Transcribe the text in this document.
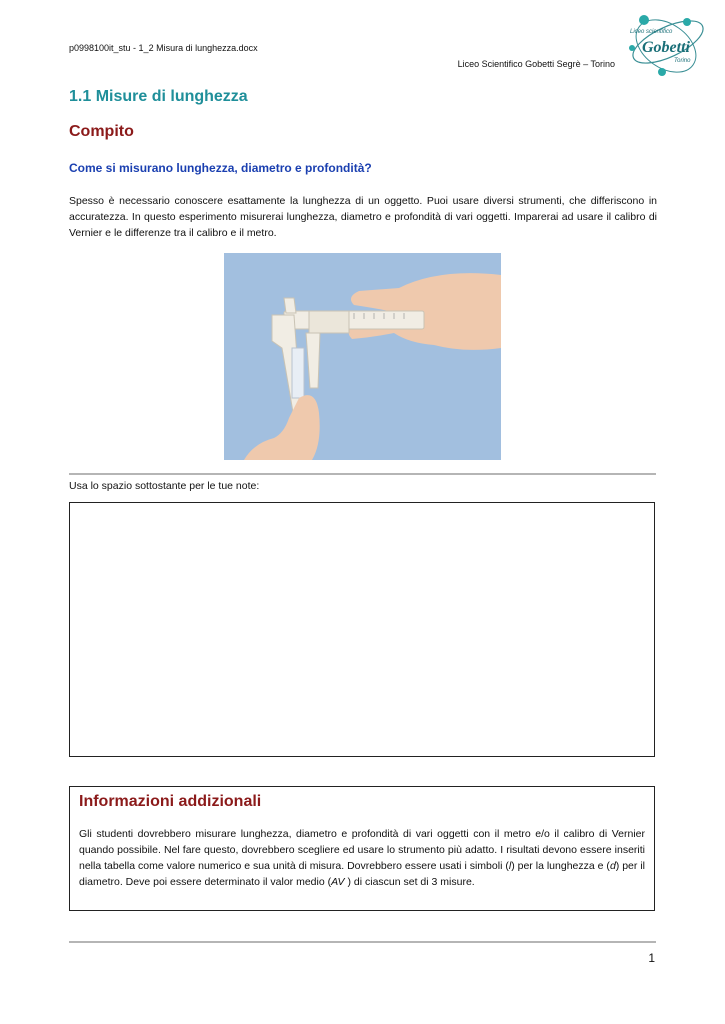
p0998100it_stu - 1_2 Misura di lunghezza.docx
Liceo Scientifico Gobetti Segrè – Torino
Liceo scientifico
Gobetti
Torino
1.1 Misure di lunghezza
Compito
Come si misurano lunghezza, diametro e profondità?
Spesso è necessario conoscere esattamente la lunghezza di un oggetto. Puoi usare diversi strumenti, che differiscono in accuratezza. In questo esperimento misurerai lunghezza, diametro e profondità di vari oggetti. Imparerai ad usare il calibro di Vernier e le differenze tra il calibro e il metro.
Usa lo spazio sottostante per le tue note:
Informazioni addizionali
Gli studenti dovrebbero misurare lunghezza, diametro e profondità di vari oggetti con il metro e/o il calibro di Vernier quando possibile. Nel fare questo, dovrebbero scegliere ed usare lo strumento più adatto. I risultati devono essere inseriti nella tabella come valore numerico e sua unità di misura. Dovrebbero essere usati i simboli (l) per la lunghezza e (d) per il diametro. Deve poi essere determinato il valor medio (AV ) di ciascun set di 3 misure.
1
